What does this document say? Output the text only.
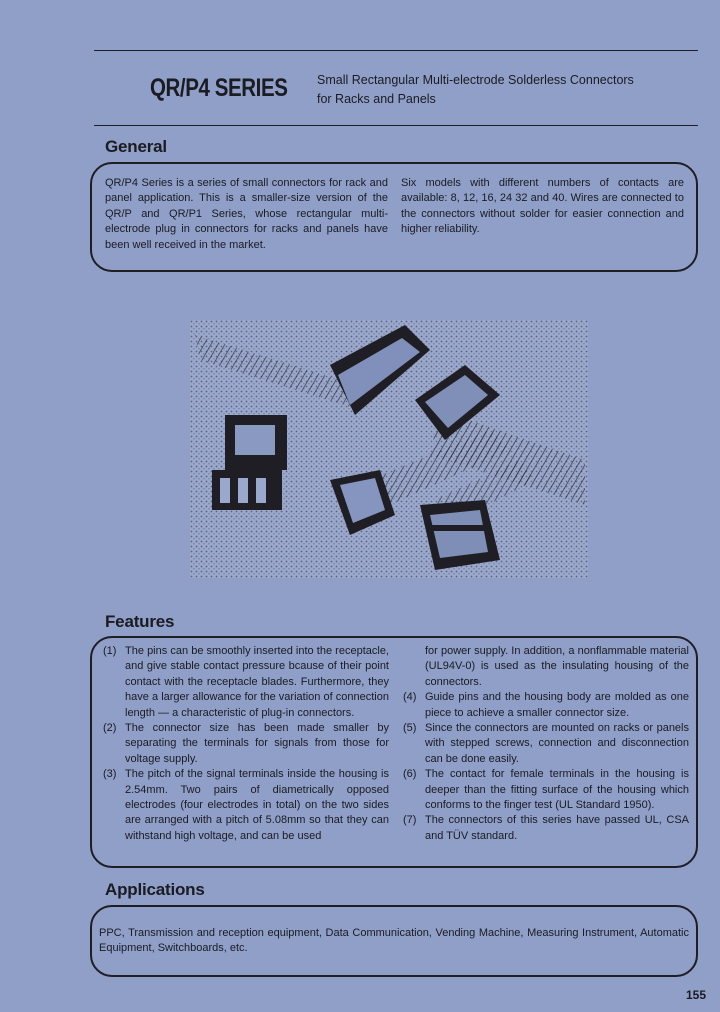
QR/P4 SERIES Small Rectangular Multi-electrode Solderless Connectors
for Racks and Panels
General
QR/P4 Series is a series of small connectors for rack and panel application. This is a smaller-size version of the QR/P and QR/P1 Series, whose rectangular multi-electrode plug in connectors for racks and panels have been well received in the market.
Six models with different numbers of contacts are available: 8, 12, 16, 24 32 and 40. Wires are connected to the connectors without solder for easier connection and higher reliability.
Features
(1) The pins can be smoothly inserted into the receptacle, and give stable contact pressure bcause of their point contact with the receptacle blades. Furthermore, they have a larger allowance for the variation of connection length — a characteristic of plug-in connectors.
(2) The connector size has been made smaller by separating the terminals for signals from those for voltage supply.
(3) The pitch of the signal terminals inside the housing is 2.54mm. Two pairs of diametrically opposed electrodes (four electrodes in total) on the two sides are arranged with a pitch of 5.08mm so that they can withstand high voltage, and can be used
for power supply. In addition, a nonflammable material (UL94V-0) is used as the insulating housing of the connectors.
(4) Guide pins and the housing body are molded as one piece to achieve a smaller connector size.
(5) Since the connectors are mounted on racks or panels with stepped screws, connection and disconnection can be done easily.
(6) The contact for female terminals in the housing is deeper than the fitting surface of the housing which conforms to the finger test (UL Standard 1950).
(7) The connectors of this series have passed UL, CSA and TÜV standard.
Applications
PPC, Transmission and reception equipment, Data Communication, Vending Machine, Measuring Instrument, Automatic Equipment, Switchboards, etc.
155
